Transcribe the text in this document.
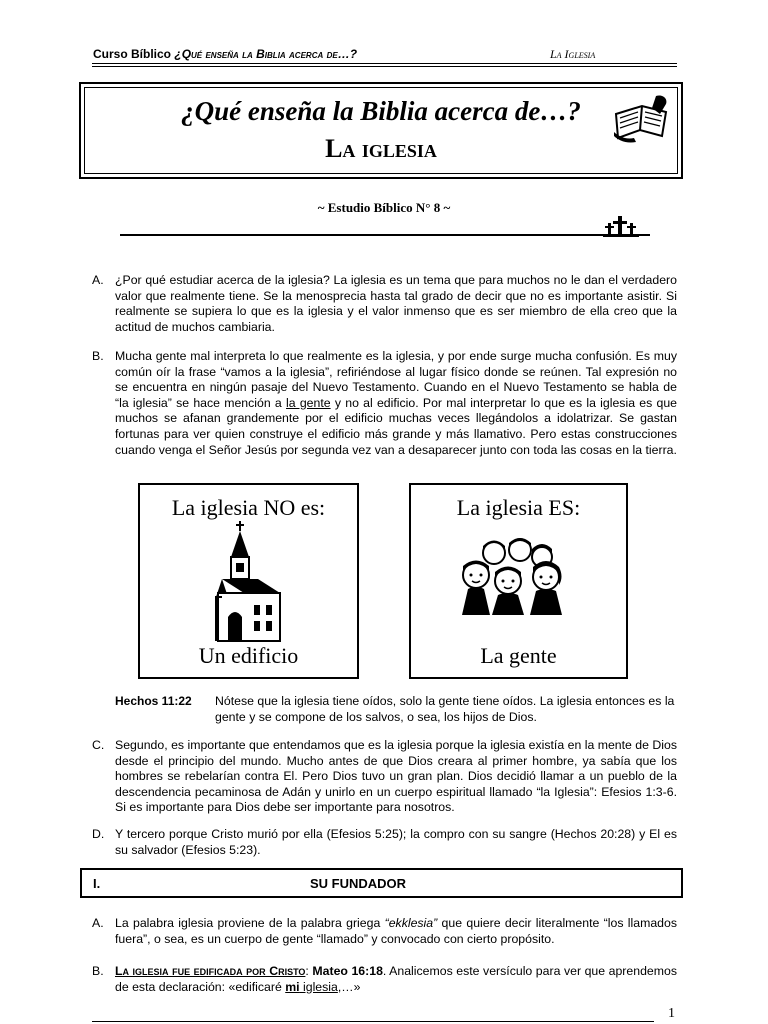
Curso Bíblico ¿Qué enseña la Biblia acerca de…?	La Iglesia
¿Qué enseña la Biblia acerca de…?
La iglesia
~ Estudio Bíblico N° 8 ~
A. ¿Por qué estudiar acerca de la iglesia? La iglesia es un tema que para muchos no le dan el verdadero valor que realmente tiene. Se la menosprecia hasta tal grado de decir que no es importante asistir. Si realmente se supiera lo que es la iglesia y el valor inmenso que es ser miembro de ella creo que la actitud de muchos cambiaria.
B. Mucha gente mal interpreta lo que realmente es la iglesia, y por ende surge mucha confusión. Es muy común oír la frase “vamos a la iglesia”, refiriéndose al lugar físico donde se reúnen. Tal expresión no se encuentra en ningún pasaje del Nuevo Testamento. Cuando en el Nuevo Testamento se habla de “la iglesia” se hace mención a la gente y no al edificio. Por mal interpretar lo que es la iglesia es que muchos se afanan grandemente por el edificio muchas veces llegándolos a idolatrizar. Se gastan fortunas para ver quien construye el edificio más grande y más llamativo. Pero estas construcciones cuando venga el Señor Jesús por segunda vez van a desaparecer junto con toda las cosas en la tierra.
La iglesia NO es:
Un edificio
La iglesia ES:
La gente
Hechos 11:22 Nótese que la iglesia tiene oídos, solo la gente tiene oídos. La iglesia entonces es la gente y se compone de los salvos, o sea, los hijos de Dios.
C. Segundo, es importante que entendamos que es la iglesia porque la iglesia existía en la mente de Dios desde el principio del mundo. Mucho antes de que Dios creara al primer hombre, ya sabía que los hombres se rebelarían contra El. Pero Dios tuvo un gran plan. Dios decidió llamar a un pueblo de la descendencia pecaminosa de Adán y unirlo en un cuerpo espiritual llamado “la Iglesia”: Efesios 1:3-6. Si es importante para Dios debe ser importante para nosotros.
D. Y tercero porque Cristo murió por ella (Efesios 5:25); la compro con su sangre (Hechos 20:28) y El es su salvador (Efesios 5:23).
I.	SU FUNDADOR
A. La palabra iglesia proviene de la palabra griega “ekklesia” que quiere decir literalmente “los llamados fuera”, o sea, es un cuerpo de gente “llamado” y convocado con cierto propósito.
B. La iglesia fue edificada por Cristo: Mateo 16:18. Analicemos este versículo para ver que aprendemos de esta declaración: «edificaré mi iglesia,…»
1
